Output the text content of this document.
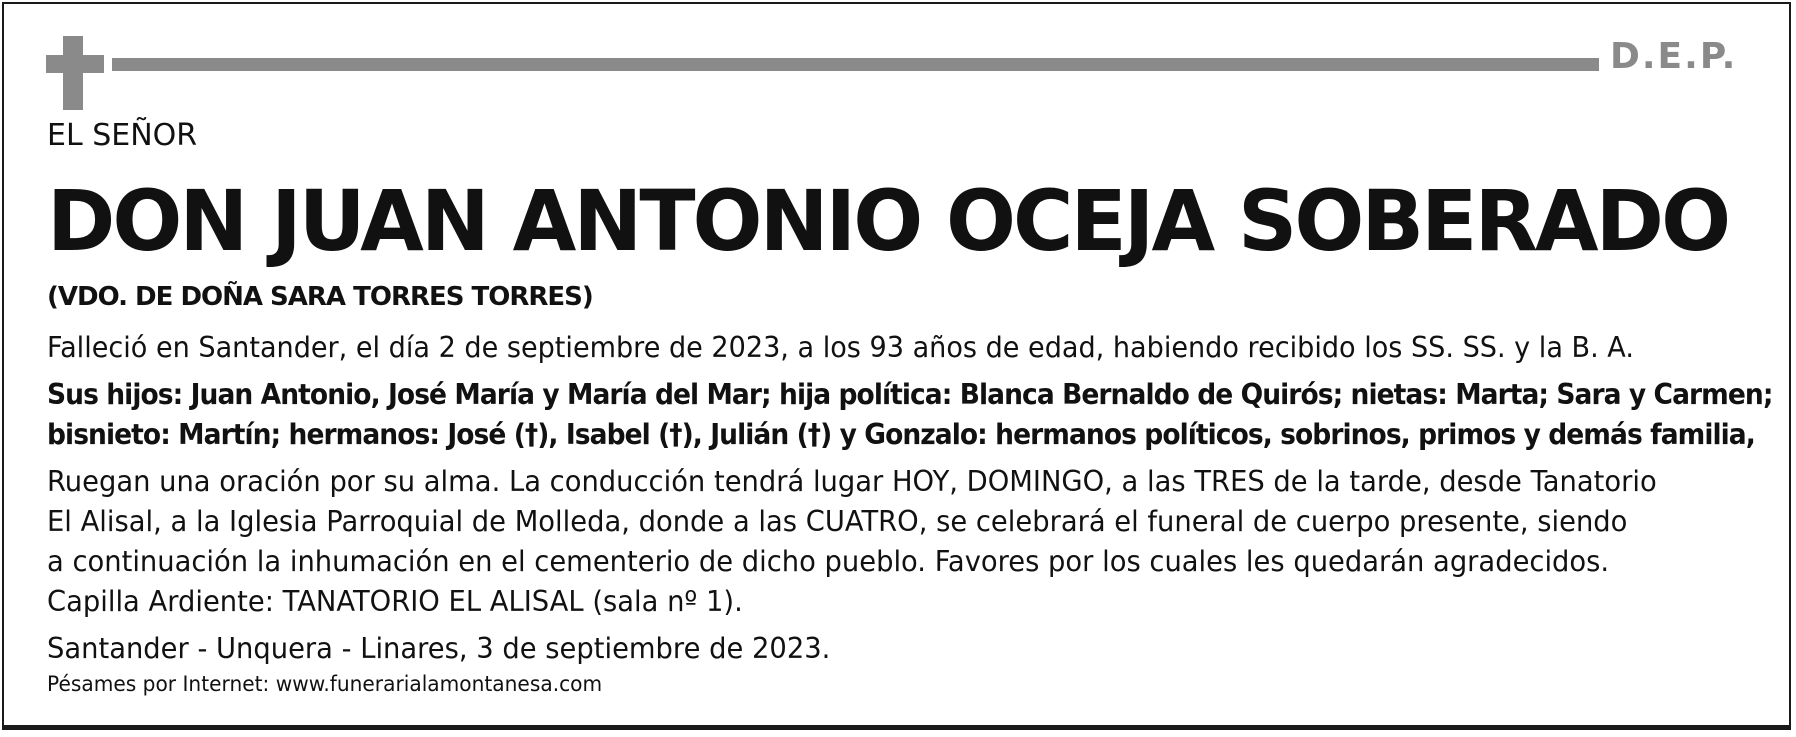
D.E.P.
EL SEÑOR
DON JUAN ANTONIO OCEJA SOBERADO
(VDO. DE DOÑA SARA TORRES TORRES)
Falleció en Santander, el día 2 de septiembre de 2023, a los 93 años de edad, habiendo recibido los SS. SS. y la B. A.
Sus hijos: Juan Antonio, José María y María del Mar; hija política: Blanca Bernaldo de Quirós; nietas: Marta; Sara y Carmen;
bisnieto: Martín; hermanos: José (†), Isabel (†), Julián (†) y Gonzalo: hermanos políticos, sobrinos, primos y demás familia,
Ruegan una oración por su alma. La conducción tendrá lugar HOY, DOMINGO, a las TRES de la tarde, desde Tanatorio
El Alisal, a la Iglesia Parroquial de Molleda, donde a las CUATRO, se celebrará el funeral de cuerpo presente, siendo
a continuación la inhumación en el cementerio de dicho pueblo. Favores por los cuales les quedarán agradecidos.
Capilla Ardiente: TANATORIO EL ALISAL (sala nº 1).
Santander - Unquera - Linares, 3 de septiembre de 2023.
Pésames por Internet: www.funerarialamontanesa.com
